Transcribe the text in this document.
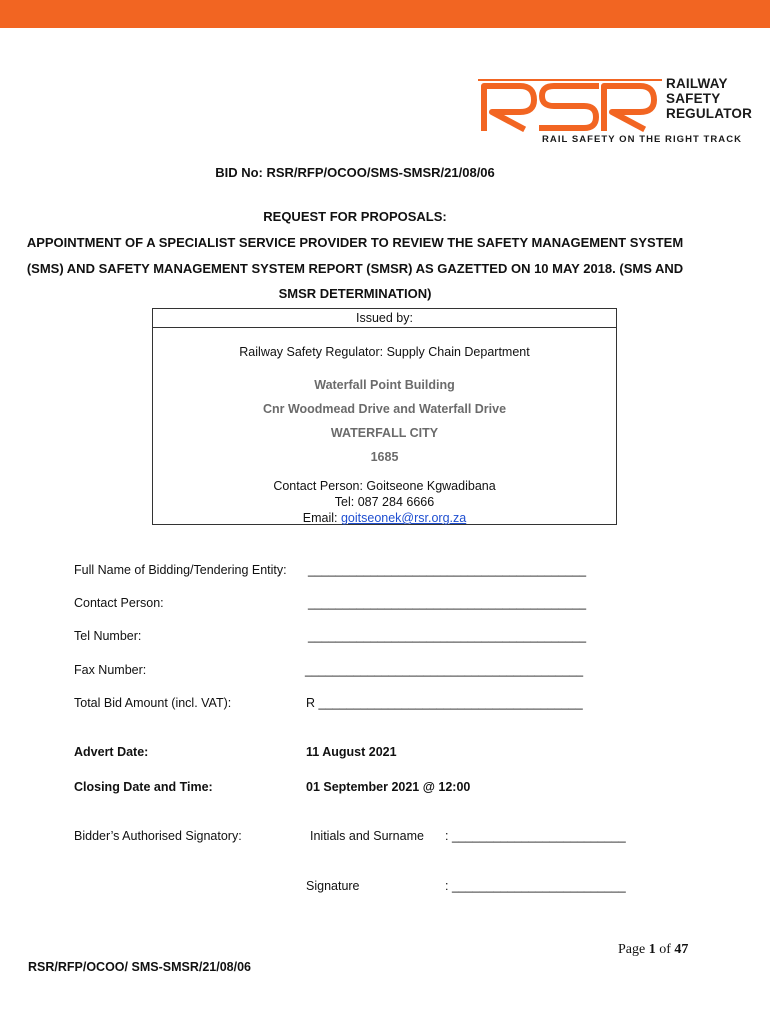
RAILWAY
SAFETY
REGULATOR
RAIL SAFETY ON THE RIGHT TRACK
BID No: RSR/RFP/OCOO/SMS-SMSR/21/08/06
REQUEST FOR PROPOSALS:
APPOINTMENT OF A SPECIALIST SERVICE PROVIDER TO REVIEW THE SAFETY MANAGEMENT SYSTEM
(SMS) AND SAFETY MANAGEMENT SYSTEM REPORT (SMSR) AS GAZETTED ON 10 MAY 2018. (SMS AND
SMSR DETERMINATION)
Issued by:
Railway Safety Regulator: Supply Chain Department
Waterfall Point Building
Cnr Woodmead Drive and Waterfall Drive
WATERFALL CITY
1685
Contact Person: Goitseone Kgwadibana
Tel: 087 284 6666
Email: goitseonek@rsr.org.za
Full Name of Bidding/Tendering Entity: ________________________________________
Contact Person:	________________________________________
Tel Number:	________________________________________
Fax Number:	________________________________________
Total Bid Amount (incl. VAT):	R ______________________________________
Advert Date:	11 August 2021
Closing Date and Time:	01 September 2021 @ 12:00
Bidder’s Authorised Signatory:	Initials and Surname : _________________________
Signature	: _________________________
Page 1 of 47
RSR/RFP/OCOO/ SMS-SMSR/21/08/06
